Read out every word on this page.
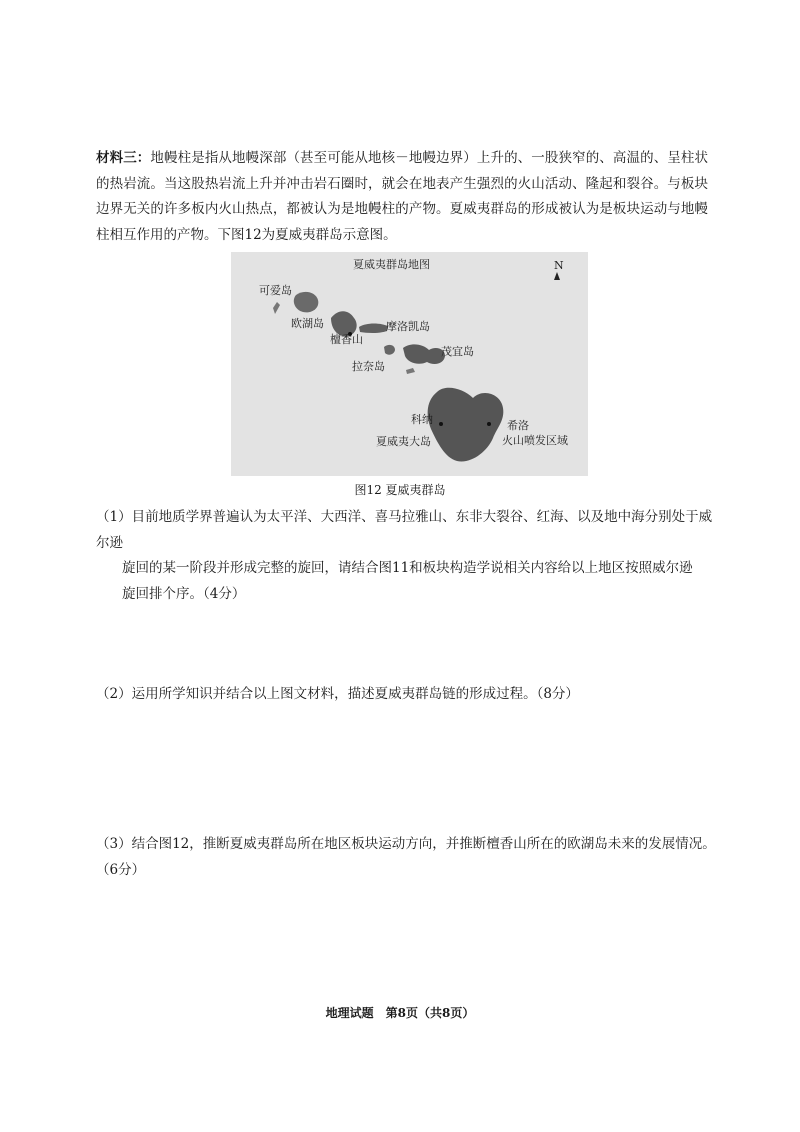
材料三：地幔柱是指从地幔深部（甚至可能从地核－地幔边界）上升的、一股狭窄的、高温的、呈柱状的热岩流。当这股热岩流上升并冲击岩石圈时，就会在地表产生强烈的火山活动、隆起和裂谷。与板块边界无关的许多板内火山热点，都被认为是地幔柱的产物。夏威夷群岛的形成被认为是板块运动与地幔柱相互作用的产物。下图12为夏威夷群岛示意图。

夏威夷群岛地图	N
可爱岛
欧湖岛
檀香山
摩洛凯岛
拉奈岛
茂宜岛
科纳	希洛
夏威夷大岛	火山喷发区域
图12 夏威夷群岛

（1）目前地质学界普遍认为太平洋、大西洋、喜马拉雅山、东非大裂谷、红海、以及地中海分别处于威尔逊
旋回的某一阶段并形成完整的旋回，请结合图11和板块构造学说相关内容给以上地区按照威尔逊
旋回排个序。（4分）

（2）运用所学知识并结合以上图文材料，描述夏威夷群岛链的形成过程。（8分）

（3）结合图12，推断夏威夷群岛所在地区板块运动方向，并推断檀香山所在的欧湖岛未来的发展情况。（6分）

地理试题　第8页（共8页）
